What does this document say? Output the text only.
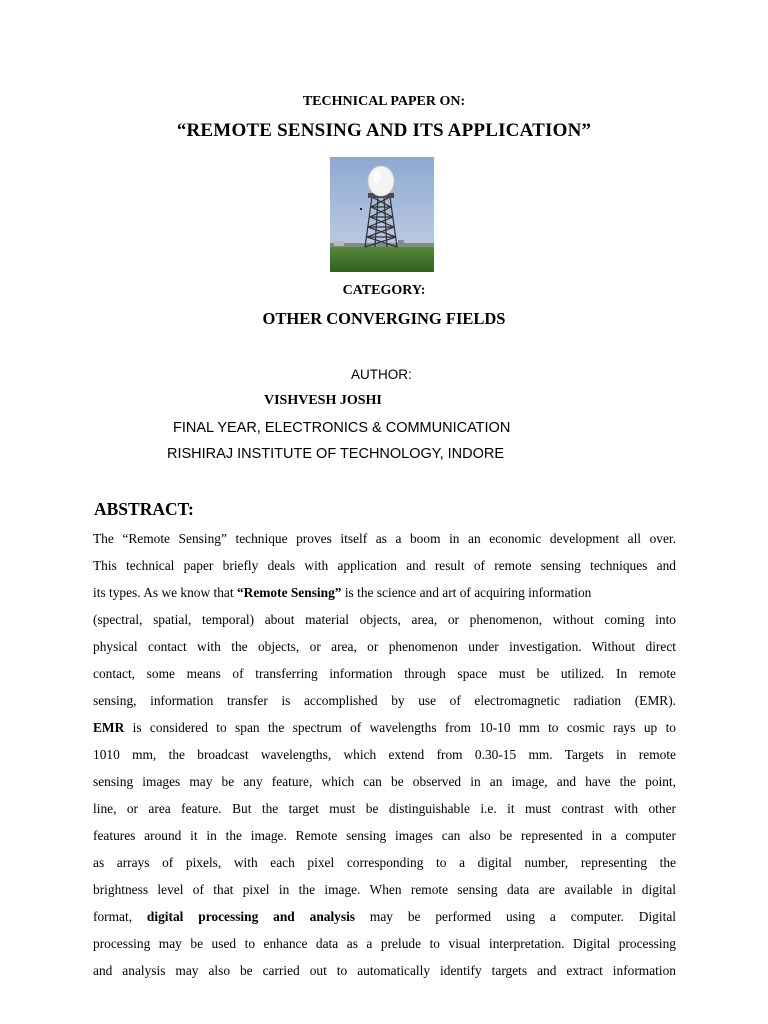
TECHNICAL PAPER ON:
“REMOTE SENSING AND ITS APPLICATION”
CATEGORY:
OTHER CONVERGING FIELDS
AUTHOR:
VISHVESH JOSHI
FINAL YEAR, ELECTRONICS & COMMUNICATION
RISHIRAJ INSTITUTE OF TECHNOLOGY, INDORE
ABSTRACT:
The “Remote Sensing” technique proves itself as a boom in an economic development all over.
This technical paper briefly deals with application and result of remote sensing techniques and
its types. As we know that “Remote Sensing” is the science and art of acquiring information
(spectral, spatial, temporal) about material objects, area, or phenomenon, without coming into
physical contact with the objects, or area, or phenomenon under investigation. Without direct
contact, some means of transferring information through space must be utilized. In remote
sensing, information transfer is accomplished by use of electromagnetic radiation (EMR).
EMR is considered to span the spectrum of wavelengths from 10-10 mm to cosmic rays up to
1010 mm, the broadcast wavelengths, which extend from 0.30-15 mm. Targets in remote
sensing images may be any feature, which can be observed in an image, and have the point,
line, or area feature. But the target must be distinguishable i.e. it must contrast with other
features around it in the image. Remote sensing images can also be represented in a computer
as arrays of pixels, with each pixel corresponding to a digital number, representing the
brightness level of that pixel in the image. When remote sensing data are available in digital
format, digital processing and analysis may be performed using a computer. Digital
processing may be used to enhance data as a prelude to visual interpretation. Digital processing
and analysis may also be carried out to automatically identify targets and extract information
